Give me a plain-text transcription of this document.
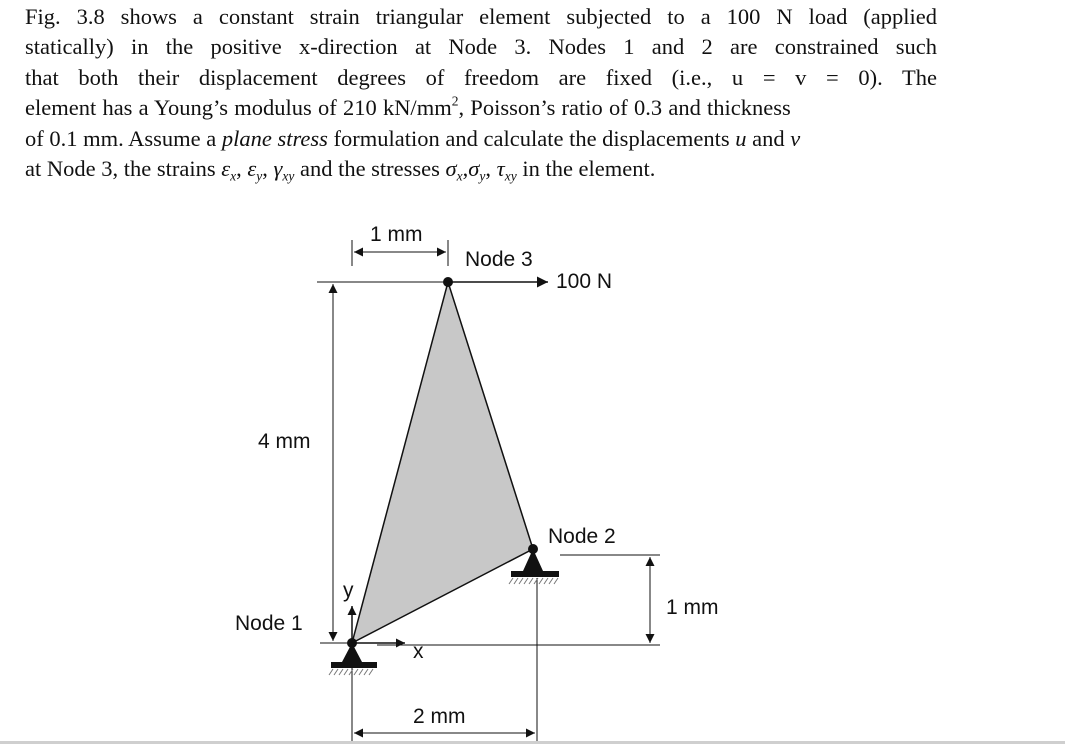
Fig. 3.8 shows a constant strain triangular element subjected to a 100 N load (applied
statically) in the positive x-direction at Node 3. Nodes 1 and 2 are constrained such
that both their displacement degrees of freedom are fixed (i.e., u = v = 0). The
element has a Young’s modulus of 210 $kN/mm^2$, Poisson’s ratio of 0.3 and thickness
of 0.1 mm. Assume a plane stress formulation and calculate the displacements u and v
at Node 3, the strains $\varepsilon_x$, $\varepsilon_y$, $\gamma_{xy}$ and the stresses $\sigma_x,\sigma_y$, $\tau_{xy}$ in the element.
1 mm
Node 3
100 N
4 mm
Node 2
1 mm
Node 1
y
x
2 mm
